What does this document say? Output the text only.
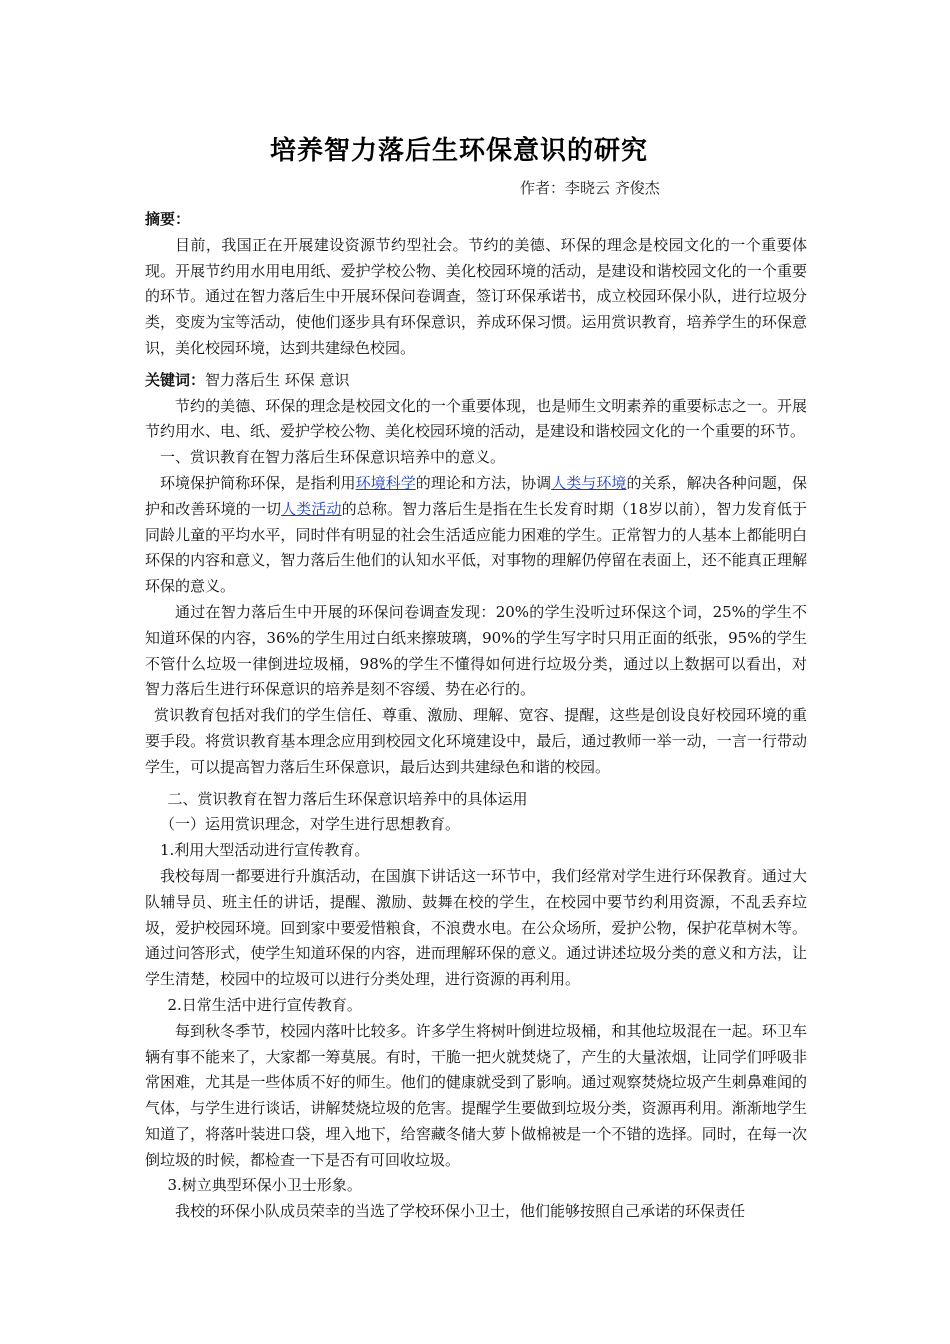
培养智力落后生环保意识的研究
作者：李晓云 齐俊杰

摘要：

目前，我国正在开展建设资源节约型社会。节约的美德、环保的理念是校园文化的一个重要体现。开展节约用水用电用纸、爱护学校公物、美化校园环境的活动，是建设和谐校园文化的一个重要的环节。通过在智力落后生中开展环保问卷调查，签订环保承诺书，成立校园环保小队，进行垃圾分类，变废为宝等活动，使他们逐步具有环保意识，养成环保习惯。运用赏识教育，培养学生的环保意识，美化校园环境，达到共建绿色校园。

关键词：智力落后生 环保 意识

节约的美德、环保的理念是校园文化的一个重要体现，也是师生文明素养的重要标志之一。开展节约用水、电、纸、爱护学校公物、美化校园环境的活动，是建设和谐校园文化的一个重要的环节。

一、赏识教育在智力落后生环保意识培养中的意义。

环境保护简称环保，是指利用环境科学的理论和方法，协调人类与环境的关系，解决各种问题，保护和改善环境的一切人类活动的总称。智力落后生是指在生长发育时期（18岁以前），智力发育低于同龄儿童的平均水平，同时伴有明显的社会生活适应能力困难的学生。正常智力的人基本上都能明白环保的内容和意义，智力落后生他们的认知水平低，对事物的理解仍停留在表面上，还不能真正理解环保的意义。

通过在智力落后生中开展的环保问卷调查发现：20%的学生没听过环保这个词，25%的学生不知道环保的内容，36%的学生用过白纸来擦玻璃，90%的学生写字时只用正面的纸张，95%的学生不管什么垃圾一律倒进垃圾桶，98%的学生不懂得如何进行垃圾分类，通过以上数据可以看出，对智力落后生进行环保意识的培养是刻不容缓、势在必行的。

赏识教育包括对我们的学生信任、尊重、激励、理解、宽容、提醒，这些是创设良好校园环境的重要手段。将赏识教育基本理念应用到校园文化环境建设中，最后，通过教师一举一动，一言一行带动学生，可以提高智力落后生环保意识，最后达到共建绿色和谐的校园。

二、赏识教育在智力落后生环保意识培养中的具体运用

（一）运用赏识理念，对学生进行思想教育。

1.利用大型活动进行宣传教育。

我校每周一都要进行升旗活动，在国旗下讲话这一环节中，我们经常对学生进行环保教育。通过大队辅导员、班主任的讲话，提醒、激励、鼓舞在校的学生，在校园中要节约利用资源，不乱丢弃垃圾，爱护校园环境。回到家中要爱惜粮食，不浪费水电。在公众场所，爱护公物，保护花草树木等。通过问答形式，使学生知道环保的内容，进而理解环保的意义。通过讲述垃圾分类的意义和方法，让学生清楚，校园中的垃圾可以进行分类处理，进行资源的再利用。

2.日常生活中进行宣传教育。

每到秋冬季节，校园内落叶比较多。许多学生将树叶倒进垃圾桶，和其他垃圾混在一起。环卫车辆有事不能来了，大家都一筹莫展。有时，干脆一把火就焚烧了，产生的大量浓烟，让同学们呼吸非常困难，尤其是一些体质不好的师生。他们的健康就受到了影响。通过观察焚烧垃圾产生刺鼻难闻的气体，与学生进行谈话，讲解焚烧垃圾的危害。提醒学生要做到垃圾分类，资源再利用。渐渐地学生知道了，将落叶装进口袋，埋入地下，给窖藏冬储大萝卜做棉被是一个不错的选择。同时，在每一次倒垃圾的时候，都检查一下是否有可回收垃圾。

3.树立典型环保小卫士形象。

我校的环保小队成员荣幸的当选了学校环保小卫士，他们能够按照自己承诺的环保责任
